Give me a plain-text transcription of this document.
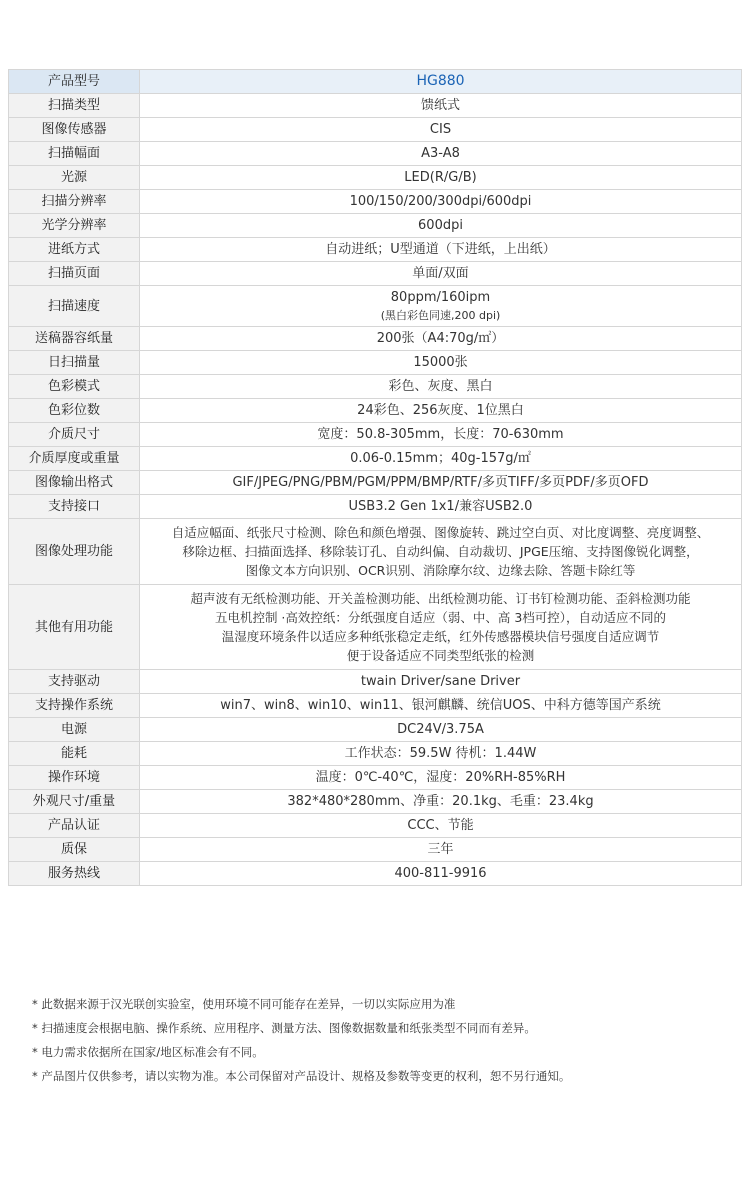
产品型号	HG880
扫描类型	馈纸式
图像传感器	CIS
扫描幅面	A3-A8
光源	LED(R/G/B)
扫描分辨率	100/150/200/300dpi/600dpi
光学分辨率	600dpi
进纸方式	自动进纸；U型通道（下进纸，上出纸）
扫描页面	单面/双面
扫描速度	80ppm/160ipm
(黑白彩色同速,200 dpi)

送稿器容纸量	200张（A4:70g/㎡）
日扫描量	15000张
色彩模式	彩色、灰度、黑白
色彩位数	24彩色、256灰度、1位黑白
介质尺寸	宽度：50.8-305mm，长度：70-630mm
介质厚度或重量	0.06-0.15mm；40g-157g/㎡
图像输出格式	GIF/JPEG/PNG/PBM/PGM/PPM/BMP/RTF/多页TIFF/多页PDF/多页OFD
支持接口	USB3.2 Gen 1x1/兼容USB2.0
图像处理功能	自适应幅面、纸张尺寸检测、除色和颜色增强、图像旋转、跳过空白页、对比度调整、亮度调整、
移除边框、扫描面选择、移除装订孔、自动纠偏、自动裁切、JPGE压缩、支持图像锐化调整，
图像文本方向识别、OCR识别、消除摩尔纹、边缘去除、答题卡除红等

其他有用功能	超声波有无纸检测功能、开关盖检测功能、出纸检测功能、订书钉检测功能、歪斜检测功能
五电机控制 ·高效控纸：分纸强度自适应（弱、中、高 3档可控），自动适应不同的
温湿度环境条件以适应多种纸张稳定走纸，红外传感器模块信号强度自适应调节
便于设备适应不同类型纸张的检测

支持驱动	twain Driver/sane Driver
支持操作系统	win7、win8、win10、win11、银河麒麟、统信UOS、中科方德等国产系统
电源	DC24V/3.75A
能耗	工作状态：59.5W 待机：1.44W
操作环境	温度：0℃-40℃，湿度：20%RH-85%RH
外观尺寸/重量	382*480*280mm、净重：20.1kg、毛重：23.4kg
产品认证	CCC、节能
质保	三年
服务热线	400-811-9916
* 此数据来源于汉光联创实验室，使用环境不同可能存在差异，一切以实际应用为准
* 扫描速度会根据电脑、操作系统、应用程序、测量方法、图像数据数量和纸张类型不同而有差异。
* 电力需求依据所在国家/地区标准会有不同。
* 产品图片仅供参考，请以实物为准。本公司保留对产品设计、规格及参数等变更的权利，恕不另行通知。
